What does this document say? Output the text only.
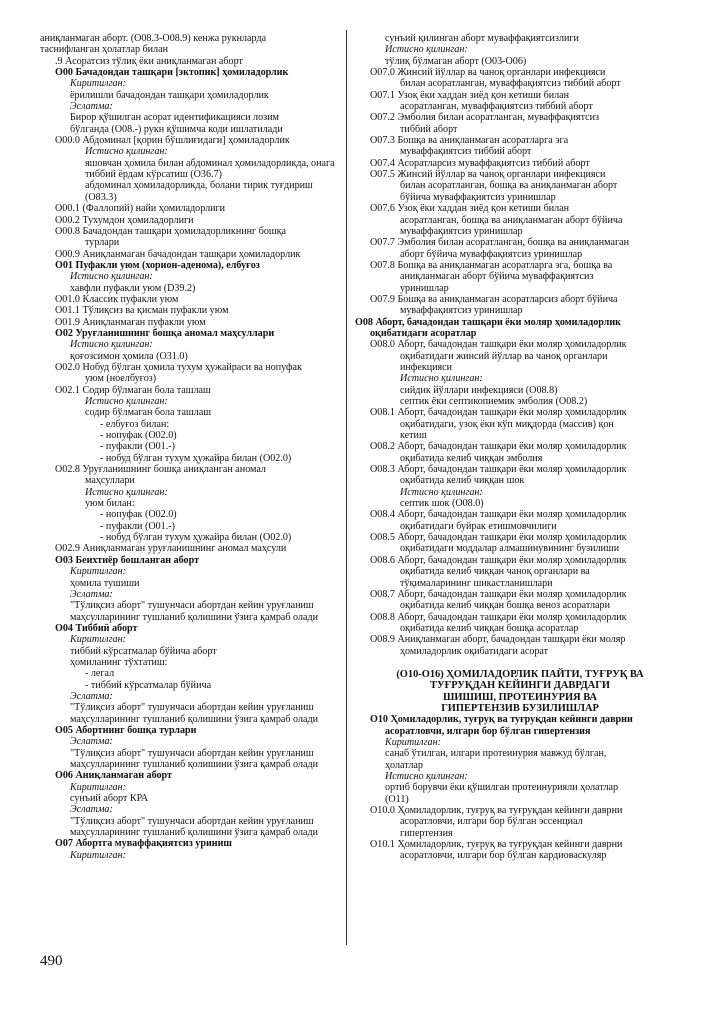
аниқланмаган аборт. (O08.3-O08.9) кенжа рукнларда
таснифланган ҳолатлар билан
.9 Асоратсиз тўлиқ ёки аниқланмаган аборт
O00 Бачадондан ташқари [эктопик] ҳомиладорлик
Киритилган:
ёрилишли бачадондан ташқари ҳомиладорлик
Эслатма:
Бирор қўшилган асорат идентификацияси лозим
бўлганда (O08.-) рукн қўшимча коди ишлатилади
O00.0 Абдоминал [қорин бўшлиғидаги] ҳомиладорлик
Истисно қилинган:
яшовчан ҳомила билан абдоминал ҳомиладорликда, онага
тиббий ёрдам кўрсатиш (O36.7)
абдоминал ҳомиладорликда, болани тирик туғдириш
(O83.3)
O00.1 (Фаллопий) найи ҳомиладорлиги
O00.2 Тухумдон ҳомиладорлиги
O00.8 Бачадондан ташқари ҳомиладорликнинг бошқа
турлари
O00.9 Аниқланмаган бачадондан ташқари ҳомиладорлик
O01 Пуфакли уюм (хорион-аденома), елбуғоз
Истисно қилинган:
хавфли пуфакли уюм (D39.2)
O01.0 Классик пуфакли уюм
O01.1 Тўлиқсиз ва қисман пуфакли уюм
O01.9 Аниқланмаган пуфакли уюм
O02 Уруғланишнинг бошқа аномал маҳсуллари
Истисно қилинган:
қоғозсимон ҳомила (O31.0)
O02.0 Нобуд бўлган ҳомила тухум ҳужайраси ва нопуфак
уюм (ноелбуғоз)
O02.1 Содир бўлмаган бола ташлаш
Истисно қилинган:
содир бўлмаган бола ташлаш
- елбуғоз билан:
- нопуфак (O02.0)
- пуфакли (O01.-)
- нобуд бўлган тухум ҳужайра билан (O02.0)
O02.8 Уруғланишнинг бошқа аниқланган аномал
маҳсуллари
Истисно қилинган:
уюм билан:
- нопуфак (O02.0)
- пуфакли (O01.-)
- нобуд бўлган тухум ҳужайра билан (O02.0)
O02.9 Аниқланмаган уруғланишнинг аномал маҳсули
O03 Беихтиёр бошланган аборт
Киритилган:
ҳомила тушиши
Эслатма:
"Тўлиқсиз аборт" тушунчаси абортдан кейин уруғланиш
маҳсулларининг тушланиб қолишини ўзига қамраб олади
O04 Тиббий аборт
Киритилган:
тиббий кўрсатмалар бўйича аборт
ҳомиланинг тўхтатиш:
- легал
- тиббий кўрсатмалар бўйича
Эслатма:
"Тўлиқсиз аборт" тушунчаси абортдан кейин уруғланиш
маҳсулларининг тушланиб қолишини ўзига қамраб олади
O05 Абортнинг бошқа турлари
Эслатма:
"Тўлиқсиз аборт" тушунчаси абортдан кейин уруғланиш
маҳсулларининг тушланиб қолишини ўзига қамраб олади
O06 Аниқланмаган аборт
Киритилган:
сунъий аборт КРА
Эслатма:
"Тўлиқсиз аборт" тушунчаси абортдан кейин уруғланиш
маҳсулларининг тушланиб қолишини ўзига қамраб олади
O07 Абортга муваффақиятсиз уриниш
Киритилган:
сунъий қилинган аборт муваффақиятсизлиги
Истисно қилинган:
тўлиқ бўлмаган аборт (O03-O06)
O07.0 Жинсий йўллар ва чаноқ органлари инфекцияси
билан асоратланган, муваффақиятсиз тиббий аборт
O07.1 Узоқ ёки хаддан зиёд қон кетиши билан
асоратланган, муваффақиятсиз тиббий аборт
O07.2 Эмболия билан асоратланган, муваффақиятсиз
тиббий аборт
O07.3 Бошқа ва аниқланмаган асоратларга эга
муваффақиятсиз тиббий аборт
O07.4 Асоратларсиз муваффақиятсиз тиббий аборт
O07.5 Жинсий йўллар ва чаноқ органлари инфекцияси
билан асоратланган, бошқа ва аниқланмаган аборт
бўйича муваффақиятсиз уринишлар
O07.6 Узоқ ёки хаддан зиёд қон кетиши билан
асоратланган, бошқа ва аниқланмаган аборт бўйича
муваффақиятсиз уринишлар
O07.7 Эмболия билан асоратланган, бошқа ва аниқланмаган
аборт бўйича муваффақиятсиз уринишлар
O07.8 Бошқа ва аниқланмаган асоратларга эга, бошқа ва
аниқланмаган аборт бўйича муваффақиятсиз
уринишлар
O07.9 Бошқа ва аниқланмаган асоратларсиз аборт бўйича
муваффақиятсиз уринишлар
O08 Аборт, бачадондан ташқари ёки моляр ҳомиладорлик
оқибатидаги асоратлар
O08.0 Аборт, бачадондан ташқари ёки моляр ҳомиладорлик
оқибатидаги жинсий йўллар ва чаноқ органлари
инфекцияси
Истисно қилинган:
сийдик йўллари инфекцияси (O08.8)
септик ёки септикопиемик эмболия (O08.2)
O08.1 Аборт, бачадондан ташқари ёки моляр ҳомиладорлик
оқибатидаги, узоқ ёки кўп миқдорда (массив) қон
кетиш
O08.2 Аборт, бачадондан ташқари ёки моляр ҳомиладорлик
оқибатида келиб чиққан эмболия
O08.3 Аборт, бачадондан ташқари ёки моляр ҳомиладорлик
оқибатида келиб чиққан шок
Истисно қилинган:
септик шок (O08.0)
O08.4 Аборт, бачадондан ташқари ёки моляр ҳомиладорлик
оқибатидаги буйрак етишмовчилиги
O08.5 Аборт, бачадондан ташқари ёки моляр ҳомиладорлик
оқибатидаги моддалар алмашинувининг бузилиши
O08.6 Аборт, бачадондан ташқари ёки моляр ҳомиладорлик
оқибатида келиб чиққан чаноқ органлари ва
тўқималарининг шикастланишлари
O08.7 Аборт, бачадондан ташқари ёки моляр ҳомиладорлик
оқибатида келиб чиққан бошқа веноз асоратлари
O08.8 Аборт, бачадондан ташқари ёки моляр ҳомиладорлик
оқибатида келиб чиққан бошқа асоратлар
O08.9 Аниқланмаган аборт, бачадондан ташқари ёки моляр
ҳомиладорлик оқибатидаги асорат
(O10-O16) ҲОМИЛАДОРЛИК ПАЙТИ, ТУҒРУҚ ВА
ТУҒРУҚДАН КЕЙИНГИ ДАВРДАГИ
ШИШИШ, ПРОТЕИНУРИЯ ВА
ГИПЕРТЕНЗИВ БУЗИЛИШЛАР
O10 Ҳомиладорлик, туғруқ ва туғруқдан кейинги даврни
асоратловчи, илгари бор бўлган гипертензия
Киритилган:
санаб ўтилган, илгари протеинурия мавжуд бўлган,
ҳолатлар
Истисно қилинган:
ортиб борувчи ёки қўшилган протеинурияли ҳолатлар
(O11)
O10.0 Ҳомиладорлик, туғруқ ва туғруқдан кейинги даврни
асоратловчи, илгари бор бўлган эссенциал
гипертензия
O10.1 Ҳомиладорлик, туғруқ ва туғруқдан кейинги даврни
асоратловчи, илгари бор бўлган кардиоваскуляр
490
